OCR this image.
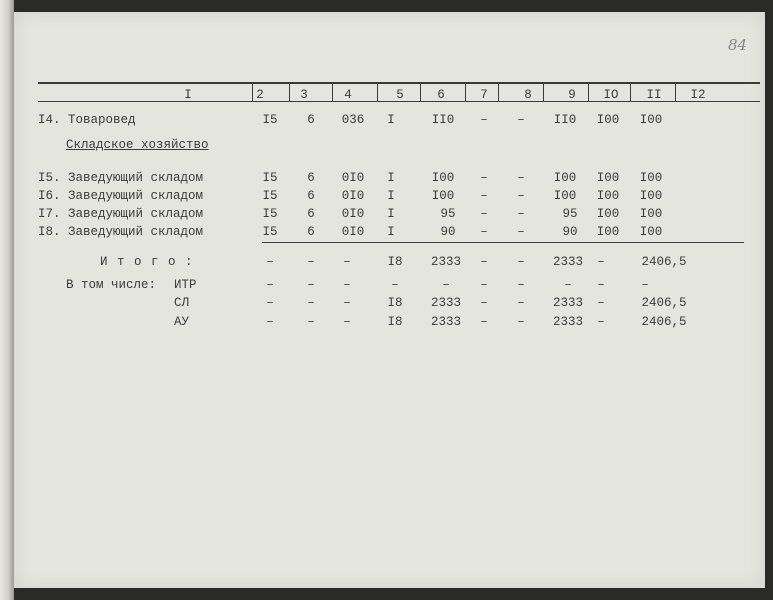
84
I	2	3	4	5	6	7	8	9 IO II I2
I4. Товаровед	I5 6 036 I	II0 – – II0 I00 I00
Складское хозяйство
I5. Заведующий складом	I5 6 0I0 I	I00 – – I00 I00 I00
I6. Заведующий складом	I5 6 0I0 I	I00 – – I00 I00 I00
I7. Заведующий складом	I5 6 0I0 I	95 – –	95 I00 I00
I8. Заведующий складом	I5 6 0I0 I	90 – –	90 I00 I00
И т о г о :	–	– –	I8 2333 – – 2333 –	2406,5
В том числе: ИТР	–	– –	–	– – –	– –	–
СЛ	–	– –	I8 2333 – – 2333 –	2406,5
АУ	–	– –	I8 2333 – – 2333 –	2406,5
